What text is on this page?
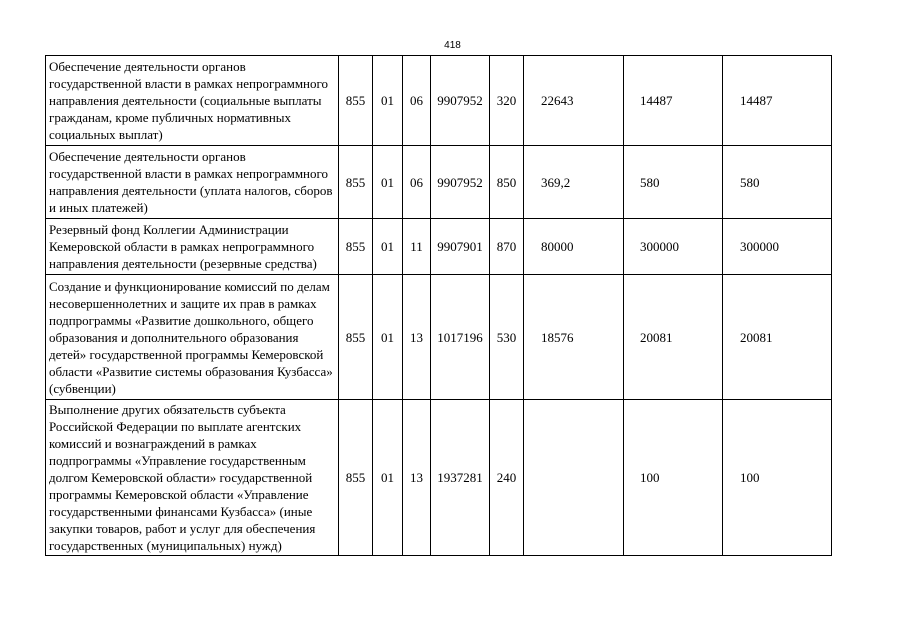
418
Обеспечение деятельности органов государственной власти в рамках непрограммного направления деятельности (социальные выплаты гражданам, кроме публичных нормативных социальных выплат)	855	01	06	9907952	320	22643	14487	14487
Обеспечение деятельности органов государственной власти в рамках непрограммного направления деятельности (уплата налогов, сборов и иных платежей)	855	01	06	9907952	850	369,2	580	580
Резервный фонд Коллегии Администрации Кемеровской области в рамках непрограммного направления деятельности (резервные средства)	855	01	11	9907901	870	80000	300000	300000
Создание и функционирование комиссий по делам несовершеннолетних и защите их прав в рамках подпрограммы «Развитие дошкольного, общего образования и дополнительного образования детей» государственной программы Кемеровской области «Развитие системы образования Кузбасса» (субвенции)	855	01	13	1017196	530	18576	20081	20081
Выполнение других обязательств субъекта Российской Федерации по выплате агентских комиссий и вознаграждений в рамках подпрограммы «Управление государственным долгом Кемеровской области» государственной программы Кемеровской области «Управление государственными финансами Кузбасса» (иные закупки товаров, работ и услуг для обеспечения государственных (муниципальных) нужд)	855	01	13	1937281	240		100	100
